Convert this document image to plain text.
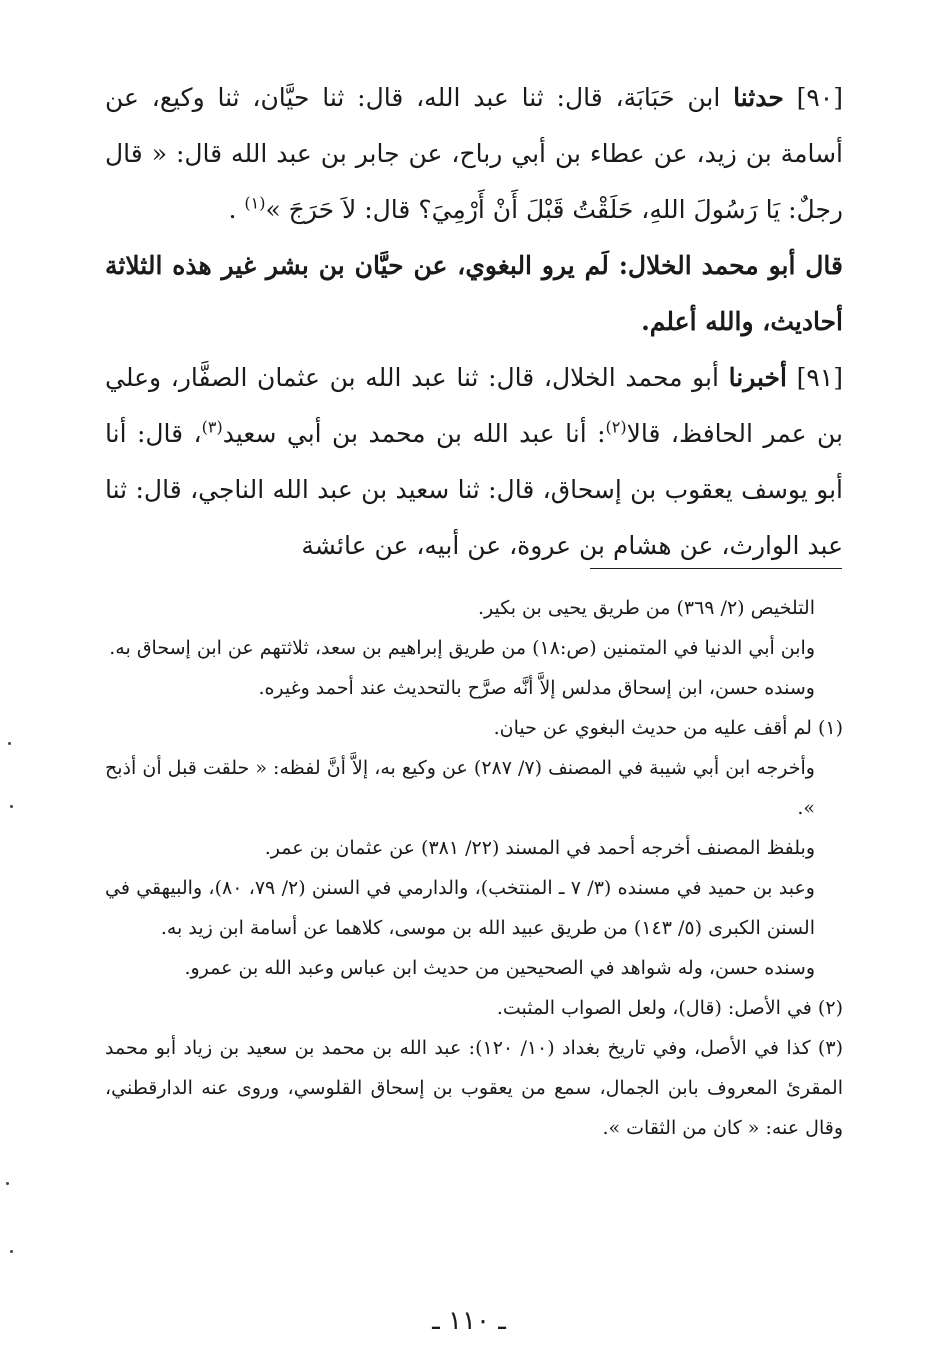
[٩٠] حدثنا ابن حَبَابَة، قال: ثنا عبد الله، قال: ثنا حيَّان، ثنا وكيع، عن أسامة بن زيد، عن عطاء بن أبي رباح، عن جابر بن عبد الله قال: « قال رجلٌ: يَا رَسُولَ اللهِ، حَلَقْتُ قَبْلَ أَنْ أَرْمِيَ؟ قال: لاَ حَرَجَ »$^{(١)}$ .

قال أبو محمد الخلال: لَم يرو البغوي، عن حيَّان بن بشر غير هذه الثلاثة أحاديث، والله أعلم.

[٩١] أخبرنا أبو محمد الخلال، قال: ثنا عبد الله بن عثمان الصفَّار، وعلي بن عمر الحافظ، قالا$^{(٢)}$: أنا عبد الله بن محمد بن أبي سعيد$^{(٣)}$، قال: أنا أبو يوسف يعقوب بن إسحاق، قال: ثنا سعيد بن عبد الله الناجي، قال: ثنا عبد الوارث، عن هشام بن عروة، عن أبيه، عن عائشة

التلخيص (٢/ ٣٦٩) من طريق يحيى بن بكير.

وابن أبي الدنيا في المتمنين (ص:١٨) من طريق إبراهيم بن سعد، ثلاثتهم عن ابن إسحاق به.

وسنده حسن، ابن إسحاق مدلس إلاَّ أنَّه صرَّح بالتحديث عند أحمد وغيره.

(١) لم أقف عليه من حديث البغوي عن حيان.

وأخرجه ابن أبي شيبة في المصنف (٧/ ٢٨٧) عن وكيع به، إلاَّ أنَّ لفظه: « حلقت قبل أن أذبح ».

وبلفظ المصنف أخرجه أحمد في المسند (٢٢/ ٣٨١) عن عثمان بن عمر.

وعبد بن حميد في مسنده (٣/ ٧ ـ المنتخب)، والدارمي في السنن (٢/ ٧٩، ٨٠)، والبيهقي في السنن الكبرى (٥/ ١٤٣) من طريق عبيد الله بن موسى، كلاهما عن أسامة ابن زيد به.

وسنده حسن، وله شواهد في الصحيحين من حديث ابن عباس وعبد الله بن عمرو.

(٢) في الأصل: (قال)، ولعل الصواب المثبت.

(٣) كذا في الأصل، وفي تاريخ بغداد (١٠/ ١٢٠): عبد الله بن محمد بن سعيد بن زياد أبو محمد المقرئ المعروف بابن الجمال، سمع من يعقوب بن إسحاق القلوسي، وروى عنه الدارقطني، وقال عنه: « كان من الثقات ».

ـ ١١٠ ـ
